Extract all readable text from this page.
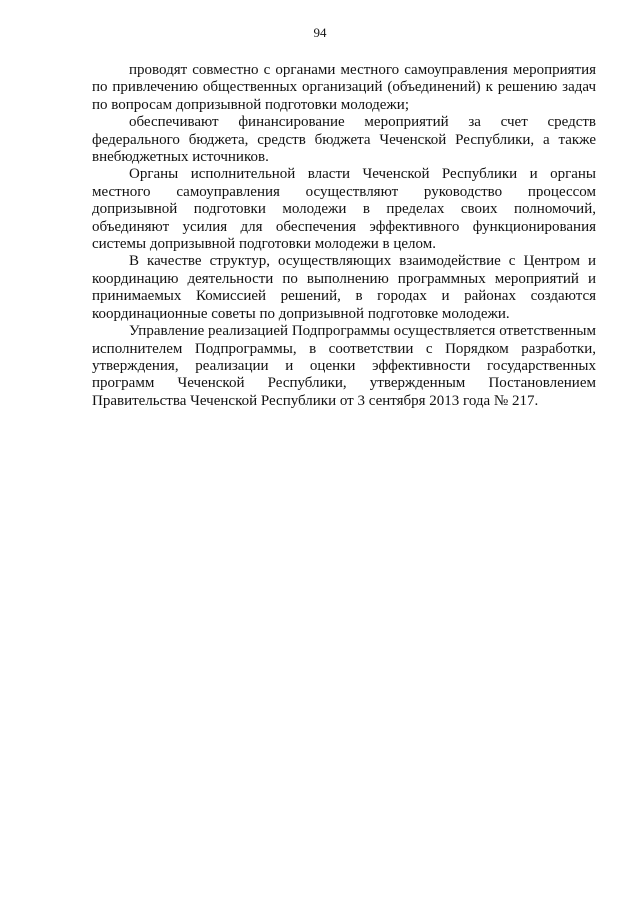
94

проводят совместно с органами местного самоуправления мероприятия по привлечению общественных организаций (объединений) к решению задач по вопросам допризывной подготовки молодежи;

обеспечивают финансирование мероприятий за счет средств федерального бюджета, средств бюджета Чеченской Республики, а также внебюджетных источников.

Органы исполнительной власти Чеченской Республики и органы местного самоуправления осуществляют руководство процессом допризывной подготовки молодежи в пределах своих полномочий, объединяют усилия для обеспечения эффективного функционирования системы допризывной подготовки молодежи в целом.

В качестве структур, осуществляющих взаимодействие с Центром и координацию деятельности по выполнению программных мероприятий и принимаемых Комиссией решений, в городах и районах создаются координационные советы по допризывной подготовке молодежи.

Управление реализацией Подпрограммы осуществляется ответственным исполнителем Подпрограммы, в соответствии с Порядком разработки, утверждения, реализации и оценки эффективности государственных программ Чеченской Республики, утвержденным Постановлением Правительства Чеченской Республики от 3 сентября 2013 года № 217.
